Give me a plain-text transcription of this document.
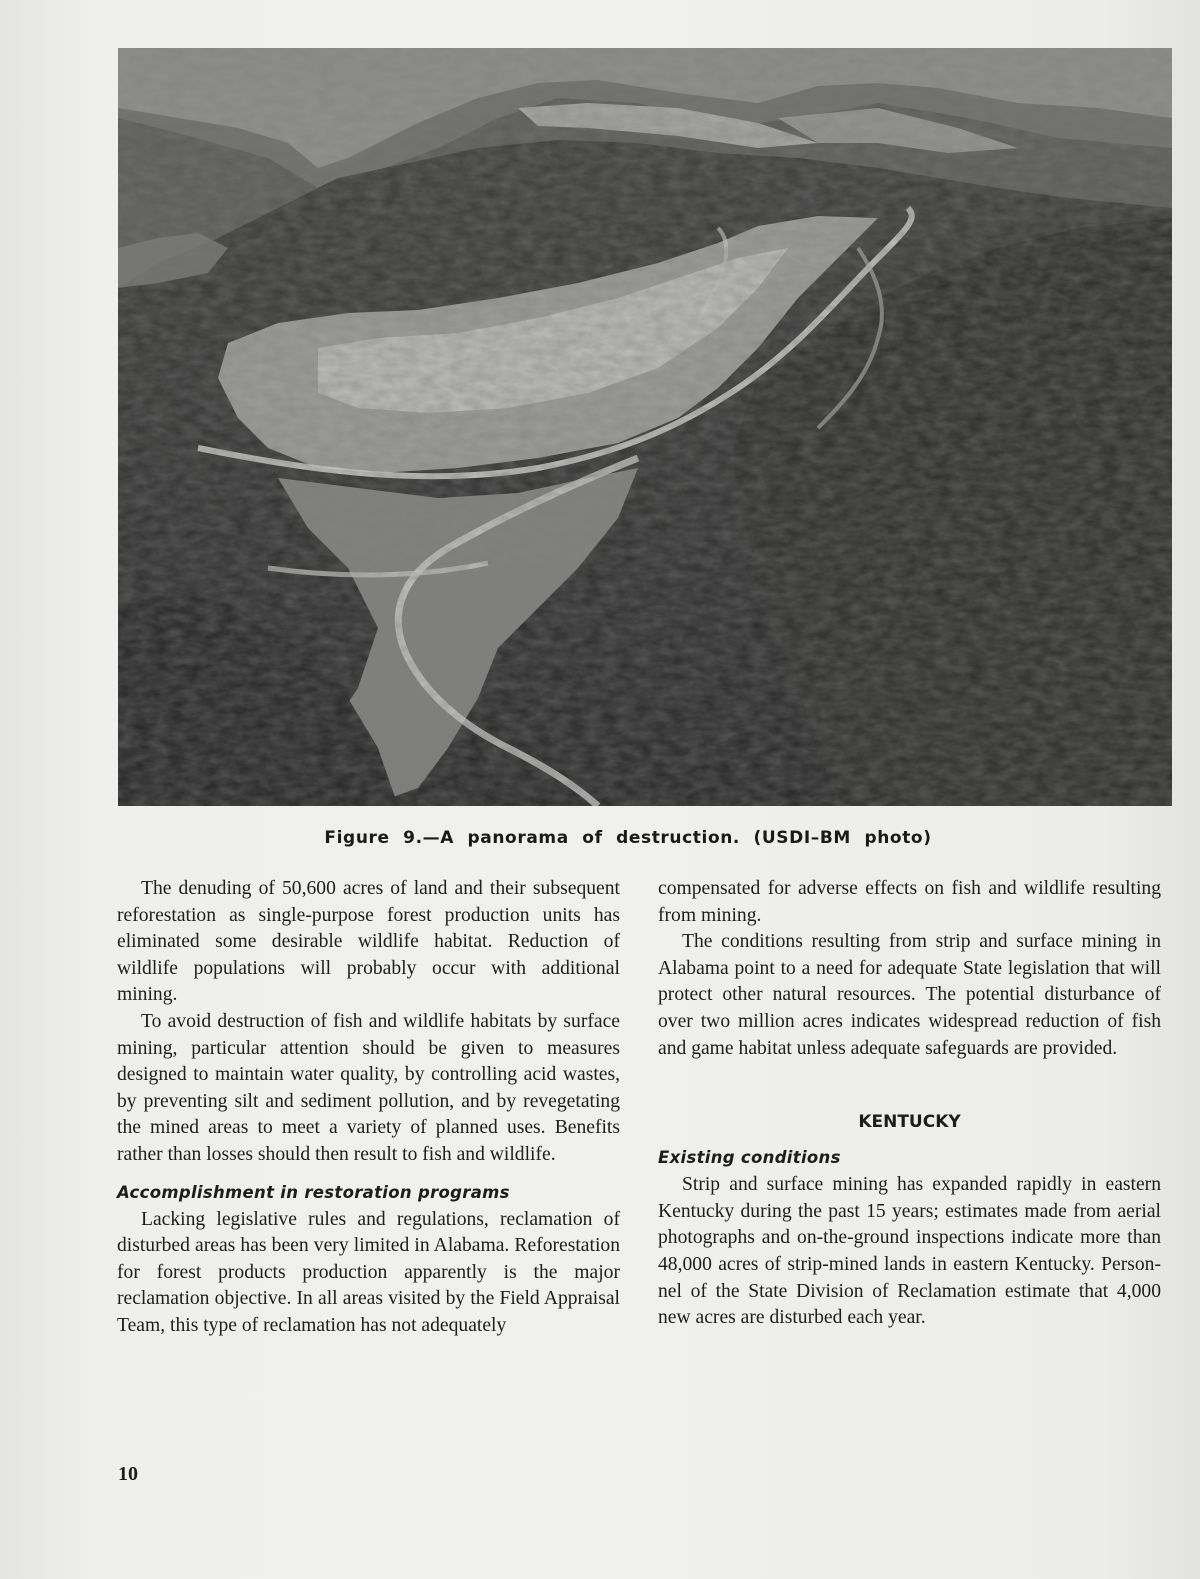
Figure 9.—A panorama of destruction. (USDI–BM photo)

The denuding of 50,600 acres of land and their subsequent reforestation as single-purpose forest production units has eliminated some desirable wildlife habitat. Reduction of wildlife populations will probably occur with additional mining.

To avoid destruction of fish and wildlife habitats by surface mining, particular attention should be given to measures designed to maintain water quality, by controlling acid wastes, by preventing silt and sediment pollution, and by revegetating the mined areas to meet a variety of planned uses. Benefits rather than losses should then result to fish and wildlife.

Accomplishment in restoration programs

Lacking legislative rules and regulations, reclamation of disturbed areas has been very limited in Alabama. Reforestation for forest products production apparently is the major reclamation objective. In all areas visited by the Field Appraisal Team, this type of reclamation has not adequately

compensated for adverse effects on fish and wildlife resulting from mining.

The conditions resulting from strip and surface mining in Alabama point to a need for adequate State legislation that will protect other natural resources. The potential disturbance of over two million acres indicates widespread reduction of fish and game habitat unless adequate safeguards are provided.

KENTUCKY
Existing conditions

Strip and surface mining has expanded rapidly in eastern Kentucky during the past 15 years; estimates made from aerial photographs and on-the-ground inspections indicate more than 48,000 acres of strip-mined lands in eastern Kentucky. Personnel of the State Division of Reclamation estimate that 4,000 new acres are disturbed each year.

10
